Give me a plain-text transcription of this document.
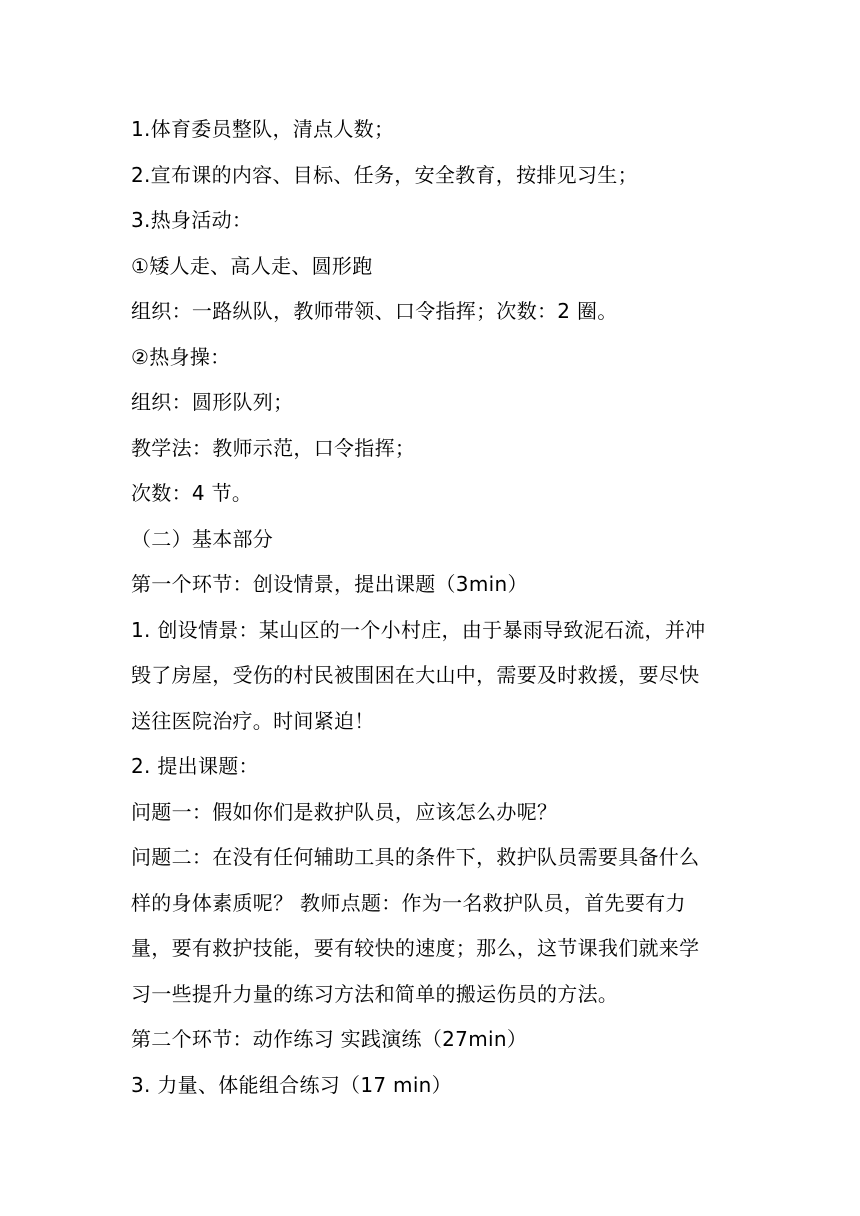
1.体育委员整队，清点人数；
2.宣布课的内容、目标、任务，安全教育，按排见习生；
3.热身活动：
①矮人走、高人走、圆形跑
组织：一路纵队，教师带领、口令指挥；次数：2 圈。
②热身操：
组织：圆形队列；
教学法：教师示范，口令指挥；
次数：4 节。
（二）基本部分
第一个环节：创设情景，提出课题（3min）
1. 创设情景：某山区的一个小村庄，由于暴雨导致泥石流，并冲
毁了房屋，受伤的村民被围困在大山中，需要及时救援，要尽快
送往医院治疗。时间紧迫！
2. 提出课题：
问题一：假如你们是救护队员，应该怎么办呢？
问题二：在没有任何辅助工具的条件下，救护队员需要具备什么
样的身体素质呢？ 教师点题：作为一名救护队员，首先要有力
量，要有救护技能，要有较快的速度；那么，这节课我们就来学
习一些提升力量的练习方法和简单的搬运伤员的方法。
第二个环节：动作练习 实践演练（27min）
3. 力量、体能组合练习（17 min）
